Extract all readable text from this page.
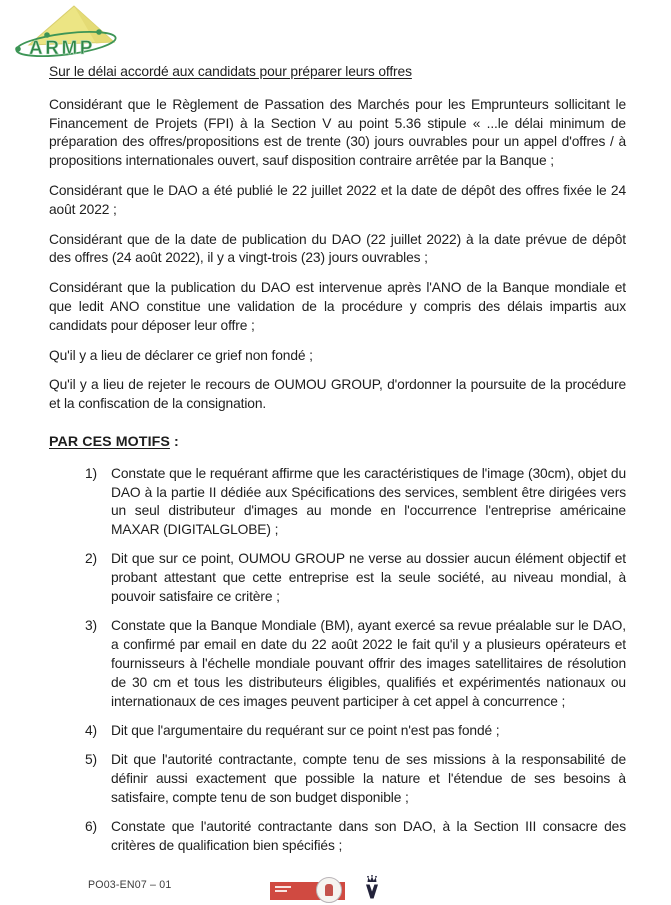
ARMP

Sur le délai accordé aux candidats pour préparer leurs offres

Considérant que le Règlement de Passation des Marchés pour les Emprunteurs sollicitant le Financement de Projets (FPI) à la Section V au point 5.36 stipule « ...le délai minimum de préparation des offres/propositions est de trente (30) jours ouvrables pour un appel d'offres / à propositions internationales ouvert, sauf disposition contraire arrêtée par la Banque ;

Considérant que le DAO a été publié le 22 juillet 2022 et la date de dépôt des offres fixée le 24 août 2022 ;

Considérant que de la date de publication du DAO (22 juillet 2022) à la date prévue de dépôt des offres (24 août 2022), il y a vingt-trois (23) jours ouvrables ;

Considérant que la publication du DAO est intervenue après l'ANO de la Banque mondiale et que ledit ANO constitue une validation de la procédure y compris des délais impartis aux candidats pour déposer leur offre ;

Qu'il y a lieu de déclarer ce grief non fondé ;

Qu'il y a lieu de rejeter le recours de OUMOU GROUP, d'ordonner la poursuite de la procédure et la confiscation de la consignation.

PAR CES MOTIFS :

1)	Constate que le requérant affirme que les caractéristiques de l'image (30cm), objet du DAO à la partie II dédiée aux Spécifications des services, semblent être dirigées vers un seul distributeur d'images au monde en l'occurrence l'entreprise américaine MAXAR (DIGITALGLOBE) ;
2)	Dit que sur ce point, OUMOU GROUP ne verse au dossier aucun élément objectif et probant attestant que cette entreprise est la seule société, au niveau mondial, à pouvoir satisfaire ce critère ;
3)	Constate que la Banque Mondiale (BM), ayant exercé sa revue préalable sur le DAO, a confirmé par email en date du 22 août 2022 le fait qu'il y a plusieurs opérateurs et fournisseurs à l'échelle mondiale pouvant offrir des images satellitaires de résolution de 30 cm et tous les distributeurs éligibles, qualifiés et expérimentés nationaux ou internationaux de ces images peuvent participer à cet appel à concurrence ;
4)	Dit que l'argumentaire du requérant sur ce point n'est pas fondé ;
5)	Dit que l'autorité contractante, compte tenu de ses missions à la responsabilité de définir aussi exactement que possible la nature et l'étendue de ses besoins à satisfaire, compte tenu de son budget disponible ;
6)	Constate que l'autorité contractante dans son DAO, à la Section III consacre des critères de qualification bien spécifiés ;
PO03-EN07 – 01
